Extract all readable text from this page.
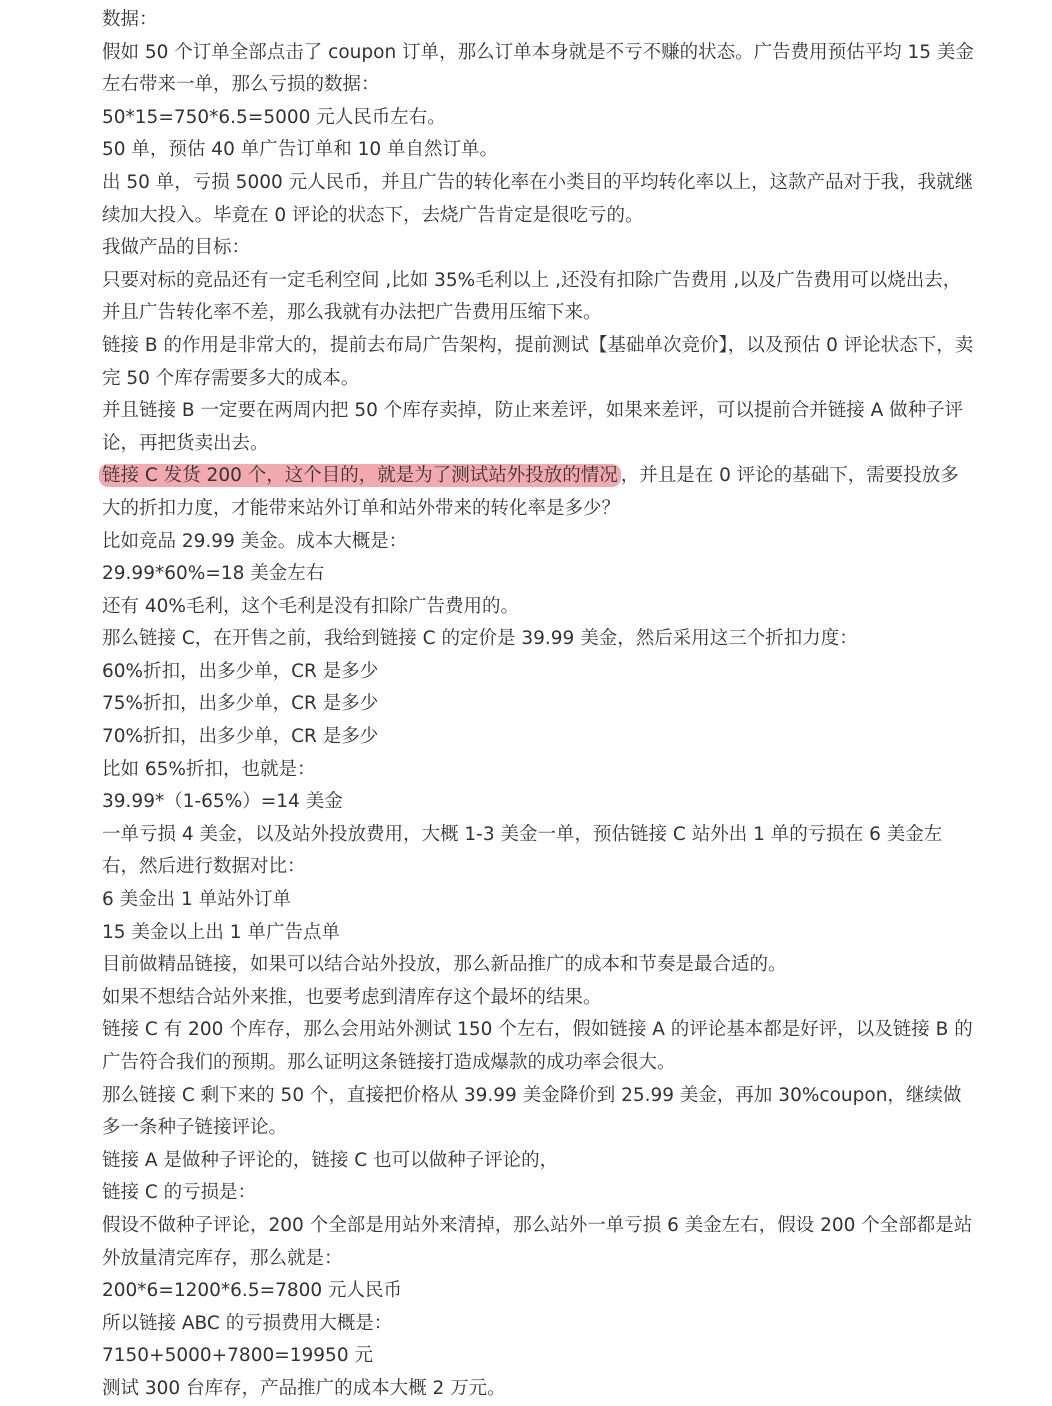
数据：

假如 50 个订单全部点击了 coupon 订单，那么订单本身就是不亏不赚的状态。广告费用预估平均 15 美金左右带来一单，那么亏损的数据：

50*15=750*6.5=5000 元人民币左右。

50 单，预估 40 单广告订单和 10 单自然订单。

出 50 单，亏损 5000 元人民币，并且广告的转化率在小类目的平均转化率以上，这款产品对于我，我就继续加大投入。毕竟在 0 评论的状态下，去烧广告肯定是很吃亏的。

我做产品的目标：

只要对标的竞品还有一定毛利空间 ,比如 35%毛利以上 ,还没有扣除广告费用 ,以及广告费用可以烧出去，并且广告转化率不差，那么我就有办法把广告费用压缩下来。

链接 B 的作用是非常大的，提前去布局广告架构，提前测试【基础单次竞价】，以及预估 0 评论状态下，卖完 50 个库存需要多大的成本。

并且链接 B 一定要在两周内把 50 个库存卖掉，防止来差评，如果来差评，可以提前合并链接 A 做种子评论，再把货卖出去。

链接 C 发货 200 个，这个目的，就是为了测试站外投放的情况 ，并且是在 0 评论的基础下，需要投放多大的折扣力度，才能带来站外订单和站外带来的转化率是多少？

比如竞品 29.99 美金。成本大概是：

29.99*60%=18 美金左右

还有 40%毛利，这个毛利是没有扣除广告费用的。

那么链接 C，在开售之前，我给到链接 C 的定价是 39.99 美金，然后采用这三个折扣力度：

60%折扣，出多少单，CR 是多少

75%折扣，出多少单，CR 是多少

70%折扣，出多少单，CR 是多少

比如 65%折扣，也就是：

39.99*（1-65%）=14 美金

一单亏损 4 美金，以及站外投放费用，大概 1-3 美金一单，预估链接 C 站外出 1 单的亏损在 6 美金左右，然后进行数据对比：

6 美金出 1 单站外订单

15 美金以上出 1 单广告点单

目前做精品链接，如果可以结合站外投放，那么新品推广的成本和节奏是最合适的。

如果不想结合站外来推，也要考虑到清库存这个最坏的结果。

链接 C 有 200 个库存，那么会用站外测试 150 个左右，假如链接 A 的评论基本都是好评，以及链接 B 的广告符合我们的预期。那么证明这条链接打造成爆款的成功率会很大。

那么链接 C 剩下来的 50 个，直接把价格从 39.99 美金降价到 25.99 美金，再加 30%coupon，继续做多一条种子链接评论。

链接 A 是做种子评论的，链接 C 也可以做种子评论的，

链接 C 的亏损是：

假设不做种子评论，200 个全部是用站外来清掉，那么站外一单亏损 6 美金左右，假设 200 个全部都是站外放量清完库存，那么就是：

200*6=1200*6.5=7800 元人民币

所以链接 ABC 的亏损费用大概是：

7150+5000+7800=19950 元

测试 300 台库存，产品推广的成本大概 2 万元。
